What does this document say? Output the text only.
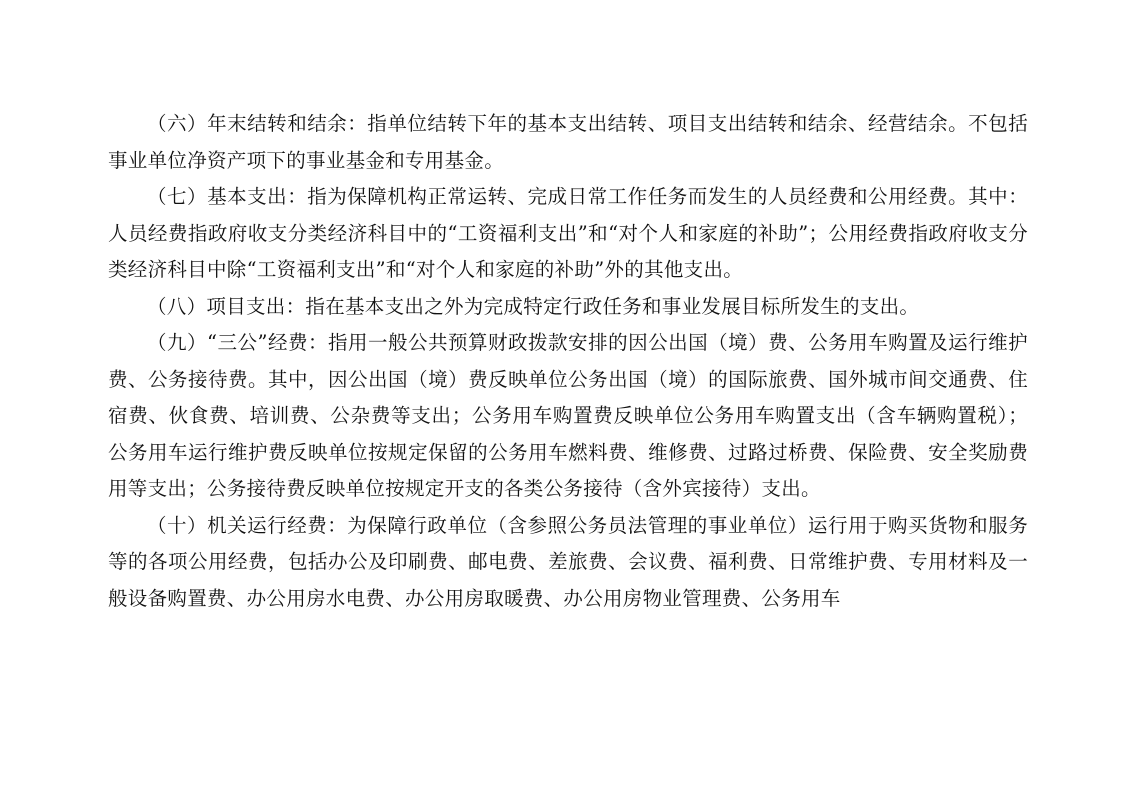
（六）年末结转和结余：指单位结转下年的基本支出结转、项目支出结转和结余、经营结余。不包括事业单位净资产项下的事业基金和专用基金。

（七）基本支出：指为保障机构正常运转、完成日常工作任务而发生的人员经费和公用经费。其中：人员经费指政府收支分类经济科目中的“工资福利支出”和“对个人和家庭的补助”；公用经费指政府收支分类经济科目中除“工资福利支出”和“对个人和家庭的补助”外的其他支出。

（八）项目支出：指在基本支出之外为完成特定行政任务和事业发展目标所发生的支出。

（九）“三公”经费：指用一般公共预算财政拨款安排的因公出国（境）费、公务用车购置及运行维护费、公务接待费。其中，因公出国（境）费反映单位公务出国（境）的国际旅费、国外城市间交通费、住宿费、伙食费、培训费、公杂费等支出；公务用车购置费反映单位公务用车购置支出（含车辆购置税）；公务用车运行维护费反映单位按规定保留的公务用车燃料费、维修费、过路过桥费、保险费、安全奖励费用等支出；公务接待费反映单位按规定开支的各类公务接待（含外宾接待）支出。

（十）机关运行经费：为保障行政单位（含参照公务员法管理的事业单位）运行用于购买货物和服务等的各项公用经费，包括办公及印刷费、邮电费、差旅费、会议费、福利费、日常维护费、专用材料及一般设备购置费、办公用房水电费、办公用房取暖费、办公用房物业管理费、公务用车
